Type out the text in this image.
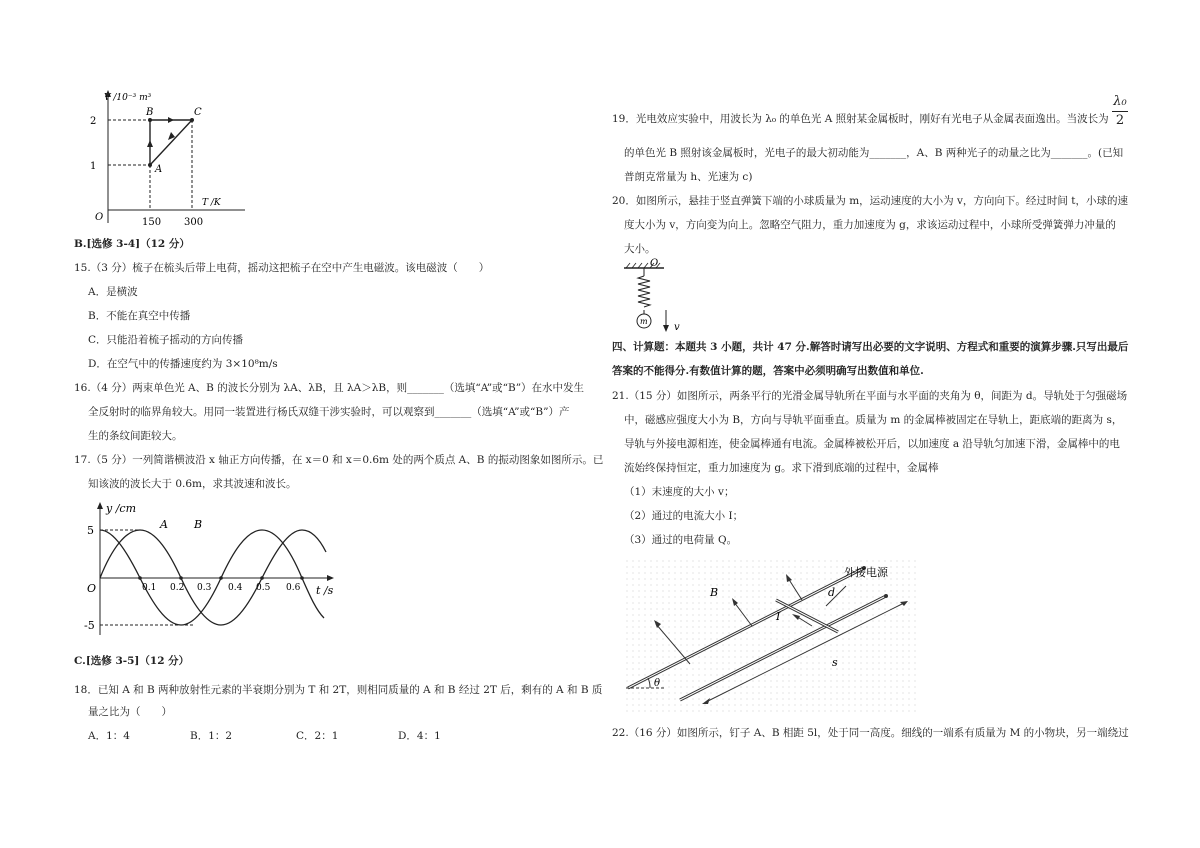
V /10⁻³ m³
T /K
O
2
1
150 300
A
B	C
B.[选修 3-4]（12 分）
15.（3 分）梳子在梳头后带上电荷，摇动这把梳子在空中产生电磁波。该电磁波（　　）
A．是横波
B．不能在真空中传播
C．只能沿着梳子摇动的方向传播
D．在空气中的传播速度约为 3×10⁸m/s
16.（4 分）两束单色光 A、B 的波长分别为 λA、λB，且 λA＞λB，则_______（选填“A”或“B”）在水中发生
全反射时的临界角较大。用同一装置进行杨氏双缝干涉实验时，可以观察到_______（选填“A”或“B”）产
生的条纹间距较大。
17.（5 分）一列简谐横波沿 x 轴正方向传播，在 x＝0 和 x＝0.6m 处的两个质点 A、B 的振动图象如图所示。已
知该波的波长大于 0.6m，求其波速和波长。
y /cm
t /s
O
5
-5
0.1 0.2 0.3 0.4 0.5 0.6
A B
C.[选修 3-5]（12 分）
18．已知 A 和 B 两种放射性元素的半衰期分别为 T 和 2T，则相同质量的 A 和 B 经过 2T 后，剩有的 A 和 B 质
量之比为（　　）
A．1：4	B．1：2	C．2：1	D．4：1
19．光电效应实验中，用波长为 λ₀ 的单色光 A 照射某金属板时，刚好有光电子从金属表面逸出。当波长为
λ₀
2
的单色光 B 照射该金属板时，光电子的最大初动能为_______，A、B 两种光子的动量之比为_______。(已知
普朗克常量为 h、光速为 c)
20．如图所示，悬挂于竖直弹簧下端的小球质量为 m，运动速度的大小为 v，方向向下。经过时间 t，小球的速
度大小为 v，方向变为向上。忽略空气阻力，重力加速度为 g，求该运动过程中，小球所受弹簧弹力冲量的
大小。
O
m
v
四、计算题：本题共 3 小题，共计 47 分.解答时请写出必要的文字说明、方程式和重要的演算步骤.只写出最后
答案的不能得分.有数值计算的题，答案中必须明确写出数值和单位.
21.（15 分）如图所示，两条平行的光滑金属导轨所在平面与水平面的夹角为 θ，间距为 d。导轨处于匀强磁场
中，磁感应强度大小为 B，方向与导轨平面垂直。质量为 m 的金属棒被固定在导轨上，距底端的距离为 s，
导轨与外接电源相连，使金属棒通有电流。金属棒被松开后，以加速度 a 沿导轨匀加速下滑，金属棒中的电
流始终保持恒定，重力加速度为 g。求下滑到底端的过程中，金属棒
（1）末速度的大小 v；
（2）通过的电流大小 I；
（3）通过的电荷量 Q。
外接电源
B
I
d
s
θ
22.（16 分）如图所示，钉子 A、B 相距 5l，处于同一高度。细线的一端系有质量为 M 的小物块，另一端绕过
